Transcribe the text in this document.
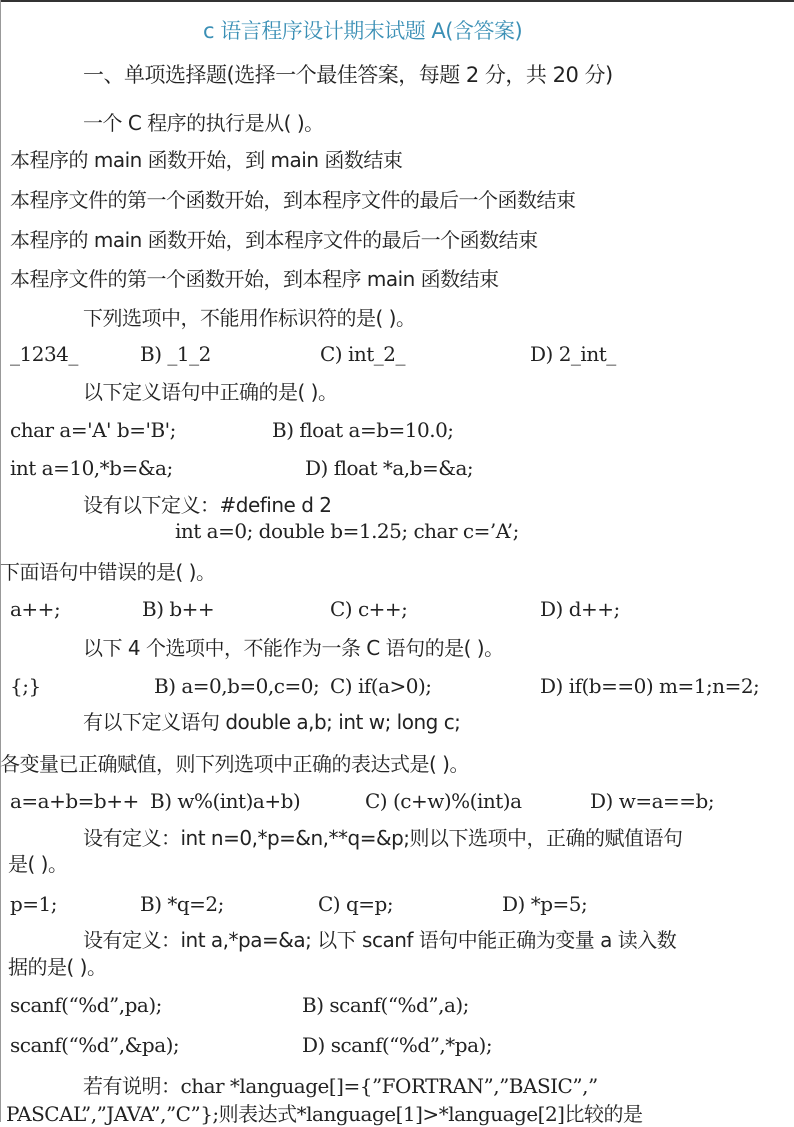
c 语言程序设计期末试题 A(含答案)
一、单项选择题(选择一个最佳答案，每题 2 分，共 20 分)
一个 C 程序的执行是从( )。
本程序的 main 函数开始，到 main 函数结束
本程序文件的第一个函数开始，到本程序文件的最后一个函数结束
本程序的 main 函数开始，到本程序文件的最后一个函数结束
本程序文件的第一个函数开始，到本程序 main 函数结束
下列选项中，不能用作标识符的是( )。
_1234_	B) _1_2	C) int_2_	D) 2_int_
以下定义语句中正确的是( )。
char a='A' b='B';	B) float a=b=10.0;
int a=10,*b=&a;	D) float *a,b=&a;
设有以下定义：#define d 2
int a=0; double b=1.25; char c=’A’;
下面语句中错误的是( )。
a++;	B) b++	C) c++;	D) d++;
以下 4 个选项中，不能作为一条 C 语句的是( )。
{;}	B) a=0,b=0,c=0; C) if(a>0);	D) if(b==0) m=1;n=2;
有以下定义语句 double a,b; int w; long c;
各变量已正确赋值，则下列选项中正确的表达式是( )。
a=a+b=b++ B) w%(int)a+b)	C) (c+w)%(int)a	D) w=a==b;
设有定义：int n=0,*p=&n,**q=&p;则以下选项中，正确的赋值语句
是( )。
p=1;	B) *q=2;	C) q=p;	D) *p=5;
设有定义：int a,*pa=&a; 以下 scanf 语句中能正确为变量 a 读入数
据的是( )。
scanf(“%d”,pa);	B) scanf(“%d”,a);
scanf(“%d”,&pa);	D) scanf(“%d”,*pa);
若有说明：char *language[]={”FORTRAN”,”BASIC”,”
PASCAL”,”JAVA”,”C”};则表达式*language[1]>*language[2]比较的是
